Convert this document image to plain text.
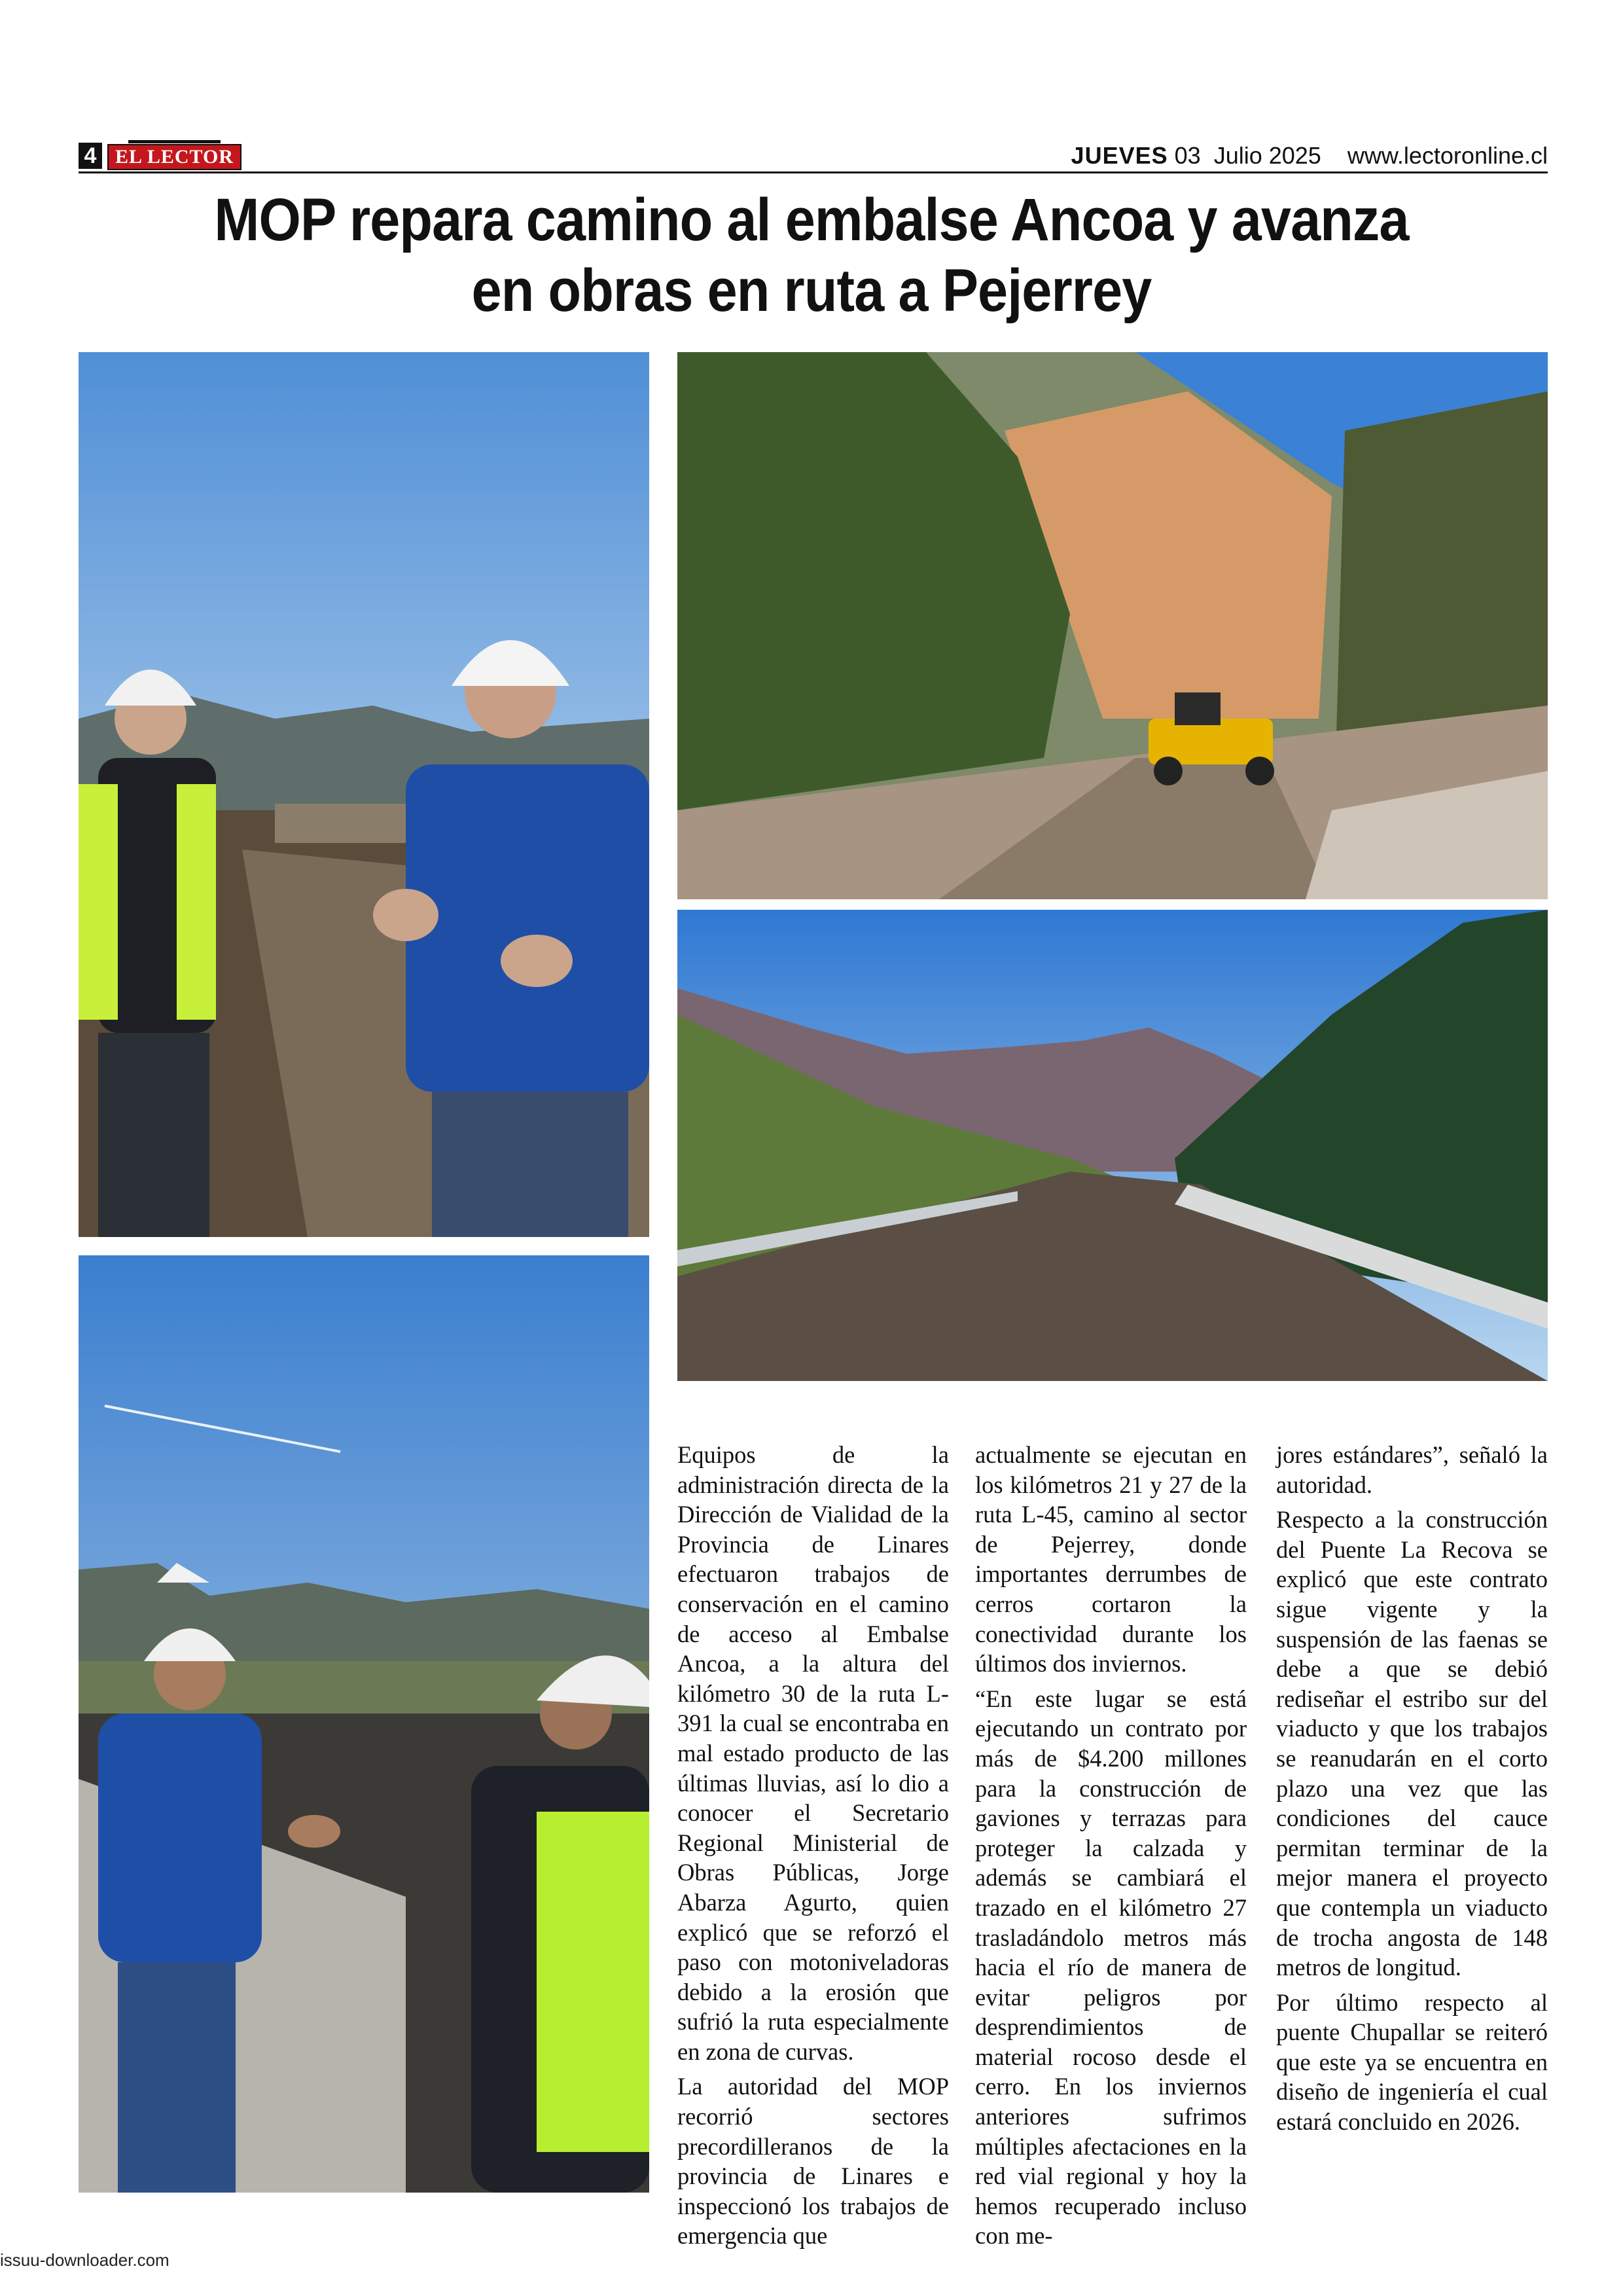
4 EL LECTOR	JUEVES 03  Julio 2025 www.lectoronline.cl
MOP repara camino al embalse Ancoa y avanza
en obras en ruta a Pejerrey

Equipos de la administración directa de la Dirección de Vialidad de la Provincia de Linares efectuaron trabajos de conservación en el camino de acceso al Embalse Ancoa, a la altura del kilómetro 30 de la ruta L-391 la cual se encontraba en mal estado producto de las últimas lluvias, así lo dio a conocer el Secretario Regional Ministerial de Obras Públicas, Jorge Abarza Agurto, quien explicó que se reforzó el paso con motoniveladoras debido a la erosión que sufrió la ruta especialmente en zona de curvas.

La autoridad del MOP recorrió sectores precordilleranos de la provincia de Linares e inspeccionó los trabajos de emergencia que

actualmente se ejecutan en los kilómetros 21 y 27 de la ruta L-45, camino al sector de Pejerrey, donde importantes derrumbes de cerros cortaron la conectividad durante los últimos dos inviernos.

“En este lugar se está ejecutando un contrato por más de $4.200 millones para la construcción de gaviones y terrazas para proteger la calzada y además se cambiará el trazado en el kilómetro 27 trasladándolo metros más hacia el río de manera de evitar peligros por desprendimientos de material rocoso desde el cerro. En los inviernos anteriores sufrimos múltiples afectaciones en la red vial regional y hoy la hemos recuperado incluso con me-

jores estándares”, señaló la autoridad.

Respecto a la construcción del Puente La Recova se explicó que este contrato sigue vigente y la suspensión de las faenas se debe a que se debió rediseñar el estribo sur del viaducto y que los trabajos se reanudarán en el corto plazo una vez que las condiciones del cauce permitan terminar de la mejor manera el proyecto que contempla un viaducto de trocha angosta de 148 metros de longitud.

Por último respecto al puente Chupallar se reiteró que este ya se encuentra en diseño de ingeniería el cual estará concluido en 2026.

issuu-downloader.com
